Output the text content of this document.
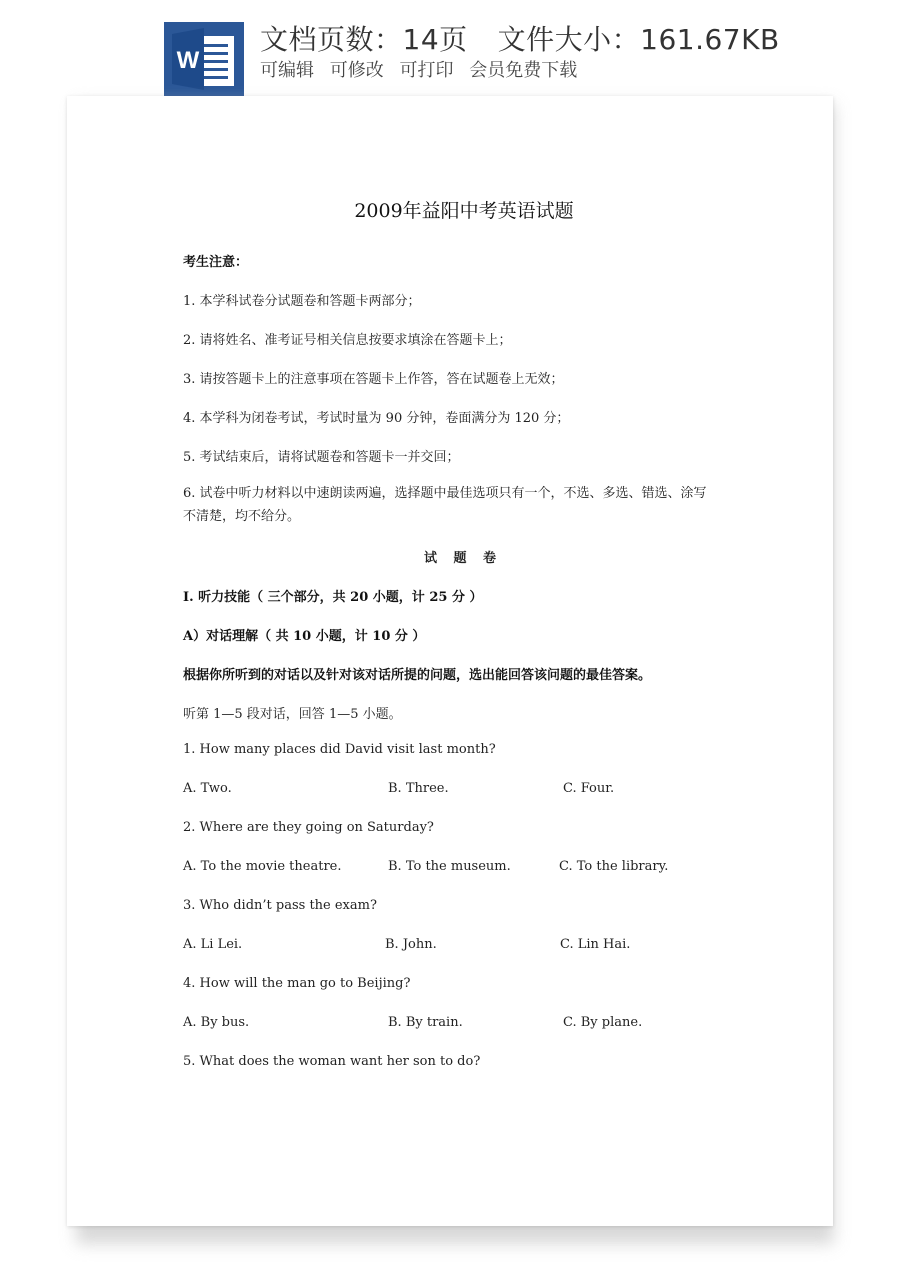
W
文档页数：14页 文件大小：161.67KB
可编辑 可修改 可打印 会员免费下载
2009年益阳中考英语试题
考生注意：
1. 本学科试卷分试题卷和答题卡两部分；
2. 请将姓名、准考证号相关信息按要求填涂在答题卡上；
3. 请按答题卡上的注意事项在答题卡上作答，答在试题卷上无效；
4. 本学科为闭卷考试，考试时量为 90 分钟，卷面满分为 120 分；
5. 考试结束后，请将试题卷和答题卡一并交回；
6. 试卷中听力材料以中速朗读两遍，选择题中最佳选项只有一个，不选、多选、错选、涂写不清楚，均不给分。
试 题 卷
I. 听力技能（ 三个部分，共 20 小题，计 25 分 ）
A）对话理解（ 共 10 小题，计 10 分 ）
根据你所听到的对话以及针对该对话所提的问题，选出能回答该问题的最佳答案。
听第 1—5 段对话，回答 1—5 小题。
1. How many places did David visit last month?
A. Two.	B. Three.	C. Four.
2. Where are they going on Saturday?
A. To the movie theatre.	B. To the museum.	C. To the library.
3. Who didn’t pass the exam?
A. Li Lei.	B. John.	C. Lin Hai.
4. How will the man go to Beijing?
A. By bus.	B. By train.	C. By plane.
5. What does the woman want her son to do?
